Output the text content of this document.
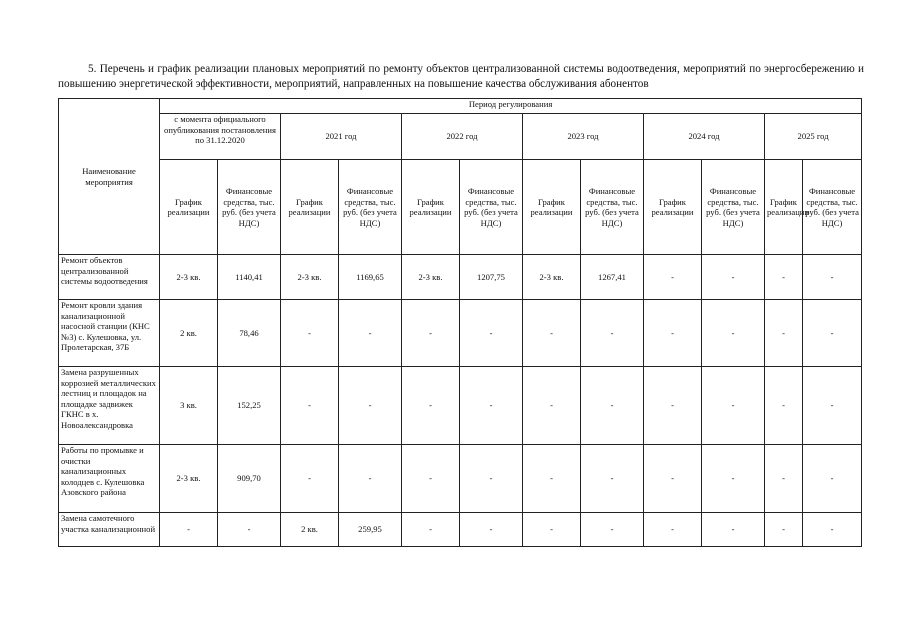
5. Перечень и график реализации плановых мероприятий по ремонту объектов централизованной системы водоотведения, мероприятий по энергосбережению и повышению энергетической эффективности, мероприятий, направленных на повышение качества обслуживания абонентов
Наименование мероприятия	Период регулирования											
	с момента официального опубликования постановления по 31.12.2020		2021 год		2022 год		2023 год		2024 год		2025 год	
	График реализации	Финансовые средства, тыс. руб. (без учета НДС)	График реализации	Финансовые средства, тыс. руб. (без учета НДС)	График реализации	Финансовые средства, тыс. руб. (без учета НДС)	График реализации	Финансовые средства, тыс. руб. (без учета НДС)	График реализации	Финансовые средства, тыс. руб. (без учета НДС)	График реализации	Финансовые средства, тыс. руб. (без учета НДС)
Ремонт объектов централизованной системы водоотведения	2-3 кв.	1140,41	2-3 кв.	1169,65	2-3 кв.	1207,75	2-3 кв.	1267,41	-	-	-	-
Ремонт кровли здания канализационной насосной станции (КНС №3) с. Кулешовка, ул. Пролетарская, 37Б	2 кв.	78,46	-	-	-	-	-	-	-	-	-	-
Замена разрушенных коррозией металлических лестниц и площадок на площадке задвижек ГКНС в х. Новоалександровка	3 кв.	152,25	-	-	-	-	-	-	-	-	-	-
Работы по промывке и очистки канализационных колодцев с. Кулешовка Азовского района	2-3 кв.	909,70	-	-	-	-	-	-	-	-	-	-
Замена самотечного участка канализационной	-	-	2 кв.	259,95	-	-	-	-	-	-	-	-
